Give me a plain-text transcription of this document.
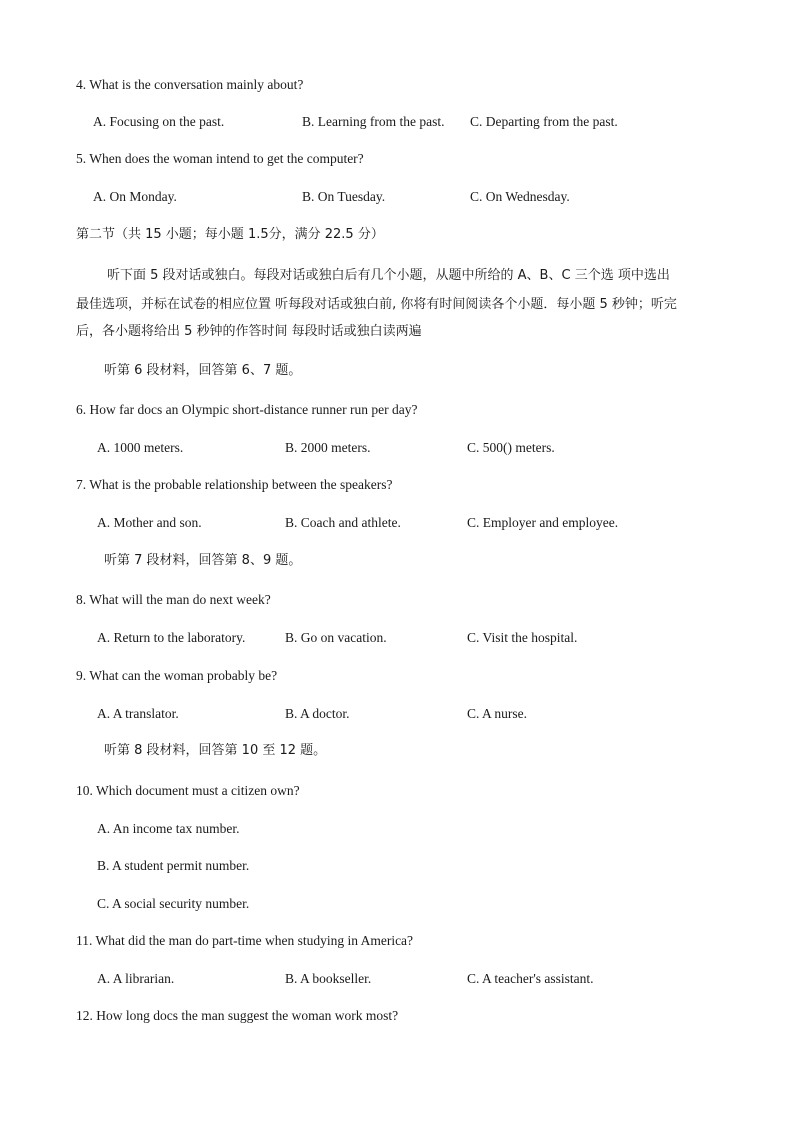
4. What is the conversation mainly about?
A. Focusing on the past.	B. Learning from the past. C. Departing from the past.
5. When does the woman intend to get the computer?
A. On Monday.	B. On Tuesday.	C. On Wednesday.
第二节（共 15 小题；每小题 1.5分，满分 22.5 分）
听下面 5 段对话或独白。每段对话或独白后有几个小题，从题中所给的 A、B、C 三个选 项中选出
最佳选项，并标在试卷的相应位置 听每段对话或独白前, 你将有时间阅读各个小题．每小题 5 秒钟；听完
后，各小题将给出 5 秒钟的作答时间 每段时话或独白读两遍
听第 6 段材料，回答第 6、7 题。
6. How far docs an Olympic short-distance runner run per day?
A. 1000 meters.	B. 2000 meters.	C. 500() meters.
7. What is the probable relationship between the speakers?
A. Mother and son.	B. Coach and athlete.	C. Employer and employee.
听第 7 段材料，回答第 8、9 题。
8. What will the man do next week?
A. Return to the laboratory.	B. Go on vacation.	C. Visit the hospital.
9. What can the woman probably be?
A. A translator.	B. A doctor.	C. A nurse.
听第 8 段材料，回答第 10 至 12 题。
10. Which document must a citizen own?
A. An income tax number.
B. A student permit number.
C. A social security number.
11. What did the man do part-time when studying in America?
A. A librarian.	B. A bookseller.	C. A teacher's assistant.
12. How long docs the man suggest the woman work most?
